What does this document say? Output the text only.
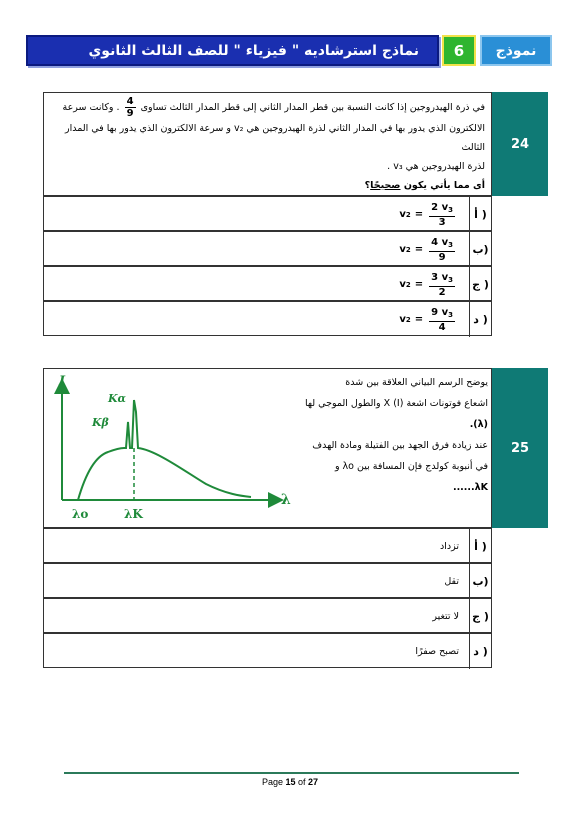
نماذج استرشاديه " فيزياء " للصف الثالث الثانوي 6 نموذج
24
في ذرة الهيدروجين إذا كانت النسبة بين قطر المدار الثاني إلى قطر المدار الثالث تساوى
$\frac{4}{9}$
. وكانت سرعة
الالكترون الذي يدور بها في المدار الثاني لذرة الهيدروجين هي v₂ و سرعة الالكترون الذي يدور بها في المدار الثالث
لذرة الهيدروجين هي v₃ .
أى مما يأتي يكون صحيحًا؟
أ )
v $2 = \frac{2 v_3}{3}$
ب)
v $2 = \frac{4 v_3}{9}$
ج )
v $2 = \frac{3 v_3}{2}$
د )
v $2 = \frac{9 v_3}{4}$
25
يوضح الرسم البياني العلاقة بين شدة
اشعاع فوتونات اشعة X (I) والطول الموجي لها
(λ).
عند زيادة فرق الجهد بين الفتيلة ومادة الهدف
في أنبوبة كولدج فإن المسافة بين λo و
......λK
I
λ
Kα
Kβ
λo	λK
أ )
تزداد
ب)
تقل
ج )
لا تتغير
د )
تصبح صفرًا
Page 15 of 27
